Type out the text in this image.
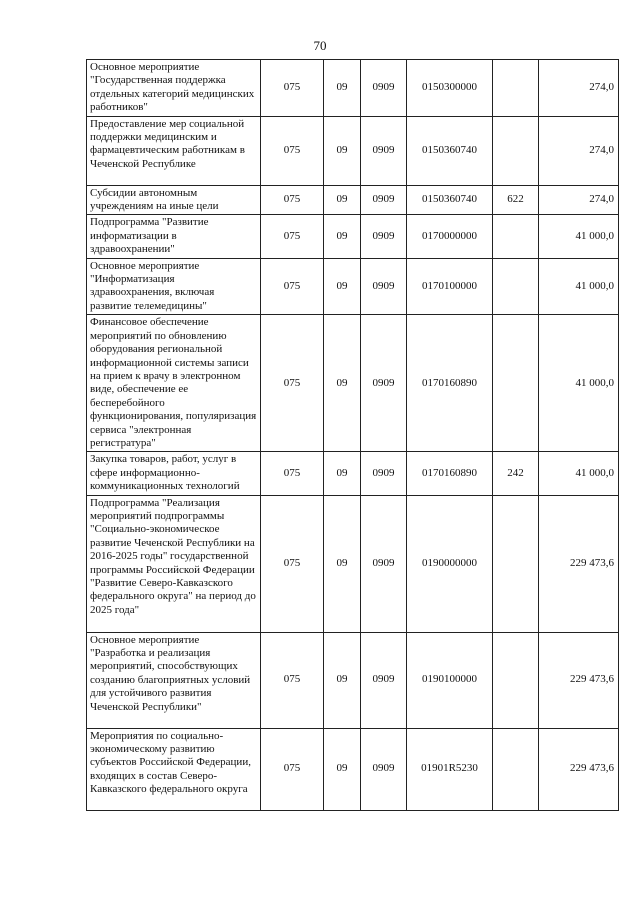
70
Основное мероприятие "Государственная поддержка отдельных категорий медицинских работников"	075	09	0909	0150300000		274,0
Предоставление мер социальной поддержки медицинским и фармацевтическим работникам в Чеченской Республике	075	09	0909	0150360740		274,0
Субсидии автономным учреждениям на иные цели	075	09	0909	0150360740	622	274,0
Подпрограмма "Развитие информатизации в здравоохранении"	075	09	0909	0170000000		41 000,0
Основное мероприятие "Информатизация здравоохранения, включая развитие телемедицины"	075	09	0909	0170100000		41 000,0
Финансовое обеспечение мероприятий по обновлению оборудования региональной информационной системы записи на прием к врачу в электронном виде, обеспечение ее бесперебойного функционирования, популяризация сервиса "электронная регистратура"	075	09	0909	0170160890		41 000,0
Закупка товаров, работ, услуг в сфере информационно-коммуникационных технологий	075	09	0909	0170160890	242	41 000,0
Подпрограмма "Реализация мероприятий подпрограммы "Социально-экономическое развитие Чеченской Республики на 2016-2025 годы" государственной программы Российской Федерации "Развитие Северо-Кавказского федерального округа" на период до 2025 года"	075	09	0909	0190000000		229 473,6
Основное мероприятие "Разработка и реализация мероприятий, способствующих созданию благоприятных условий для устойчивого развития Чеченской Республики"	075	09	0909	0190100000		229 473,6
Мероприятия по социально-экономическому развитию субъектов Российской Федерации, входящих в состав Северо-Кавказского федерального округа	075	09	0909	01901R5230		229 473,6
